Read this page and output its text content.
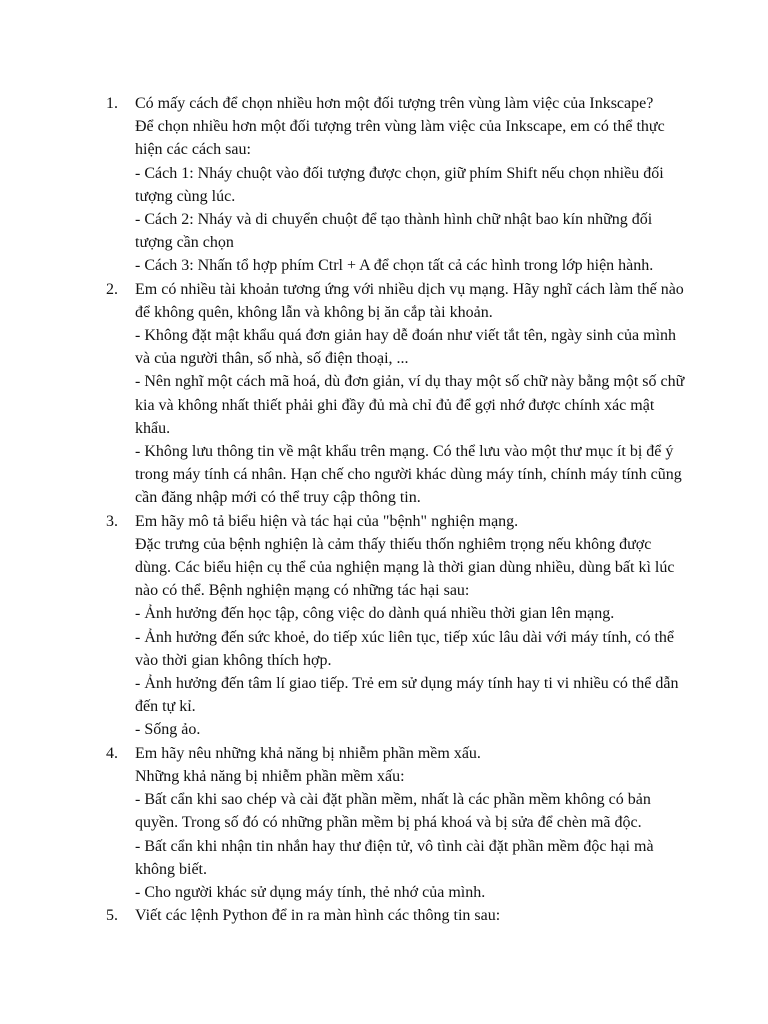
1.	Có mấy cách để chọn nhiều hơn một đối tượng trên vùng làm việc của Inkscape?

Để chọn nhiều hơn một đối tượng trên vùng làm việc của Inkscape, em có thể thực hiện các cách sau:

- Cách 1: Nháy chuột vào đối tượng được chọn, giữ phím Shift nếu chọn nhiều đối tượng cùng lúc.

- Cách 2: Nháy và di chuyển chuột để tạo thành hình chữ nhật bao kín những đối tượng cần chọn

- Cách 3: Nhấn tổ hợp phím Ctrl + A để chọn tất cả các hình trong lớp hiện hành.

2.	Em có nhiều tài khoản tương ứng với nhiều dịch vụ mạng. Hãy nghĩ cách làm thế nào để không quên, không lẫn và không bị ăn cắp tài khoản.

- Không đặt mật khẩu quá đơn giản hay dễ đoán như viết tắt tên, ngày sinh của mình và của người thân, số nhà, số điện thoại, ...

- Nên nghĩ một cách mã hoá, dù đơn giản, ví dụ thay một số chữ này bằng một số chữ kia và không nhất thiết phải ghi đầy đủ mà chỉ đủ để gợi nhớ được chính xác mật khẩu.

- Không lưu thông tin về mật khẩu trên mạng. Có thể lưu vào một thư mục ít bị để ý trong máy tính cá nhân. Hạn chế cho người khác dùng máy tính, chính máy tính cũng cần đăng nhập mới có thể truy cập thông tin.

3.	Em hãy mô tả biểu hiện và tác hại của "bệnh" nghiện mạng.

Đặc trưng của bệnh nghiện là cảm thấy thiếu thốn nghiêm trọng nếu không được dùng. Các biểu hiện cụ thể của nghiện mạng là thời gian dùng nhiều, dùng bất kì lúc nào có thể. Bệnh nghiện mạng có những tác hại sau:

- Ảnh hưởng đến học tập, công việc do dành quá nhiều thời gian lên mạng.

- Ảnh hưởng đến sức khoẻ, do tiếp xúc liên tục, tiếp xúc lâu dài với máy tính, có thể vào thời gian không thích hợp.

- Ảnh hưởng đến tâm lí giao tiếp. Trẻ em sử dụng máy tính hay ti vi nhiều có thể dẫn đến tự kỉ.

- Sống ảo.

4.	Em hãy nêu những khả năng bị nhiễm phần mềm xấu.

Những khả năng bị nhiễm phần mềm xấu:

- Bất cẩn khi sao chép và cài đặt phần mềm, nhất là các phần mềm không có bản quyền. Trong số đó có những phần mềm bị phá khoá và bị sửa để chèn mã độc.

- Bất cẩn khi nhận tin nhắn hay thư điện tử, vô tình cài đặt phần mềm độc hại mà không biết.

- Cho người khác sử dụng máy tính, thẻ nhớ của mình.

5.	Viết các lệnh Python để in ra màn hình các thông tin sau:
